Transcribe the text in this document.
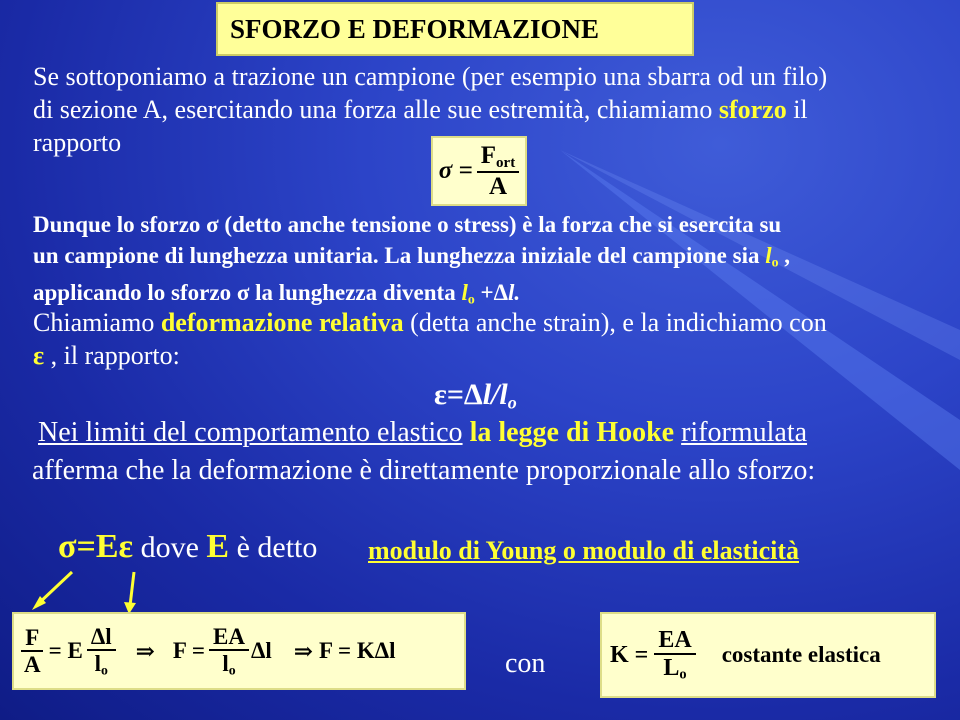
SFORZO E DEFORMAZIONE
Se sottoponiamo a trazione un campione (per esempio una sbarra od un filo)
di sezione A, esercitando una forza alle sue estremità, chiamiamo sforzo il
rapporto
$\sigma = \frac{F_{ort}}{A}$
Dunque lo sforzo σ (detto anche tensione o stress) è la forza che si esercita su
un campione di lunghezza unitaria. La lunghezza iniziale del campione sia $l_o$ ,
applicando lo sforzo σ la lunghezza diventa $l_o +\Delta l$.
Chiamiamo deformazione relativa (detta anche strain), e la indichiamo con
ε , il rapporto:
$\varepsilon=\Delta l/l_o$
Nei limiti del comportamento elastico la legge di Hooke riformulata
afferma che la deformazione è direttamente proporzionale allo sforzo:
σ=Eε dove E è detto modulo di Young o modulo di elasticità
$\frac{F}{A} = E \frac{\Delta l}{l_o}$ ⇒ $F = \frac{EA}{l_o}$ Δl ⇒ F = KΔl	con	$K = \frac{EA}{L_o}$ costante elastica
